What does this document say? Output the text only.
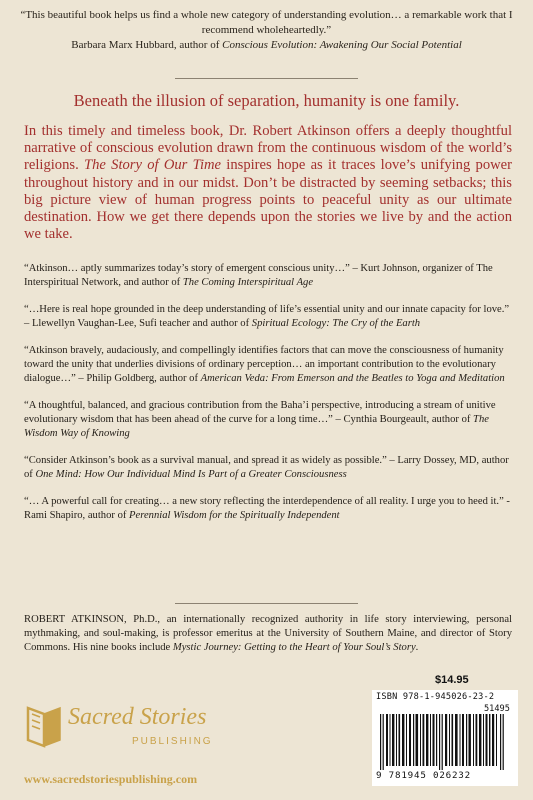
“This beautiful book helps us find a whole new category of understanding evolution… a remarkable work that I recommend wholeheartedly.”

Barbara Marx Hubbard, author of Conscious Evolution: Awakening Our Social Potential
Beneath the illusion of separation, humanity is one family.
In this timely and timeless book, Dr. Robert Atkinson offers a deeply thoughtful narrative of conscious evolution drawn from the continuous wisdom of the world’s religions. The Story of Our Time inspires hope as it traces love’s unifying power throughout history and in our midst. Don’t be distracted by seeming setbacks; this big picture view of human progress points to peaceful unity as our ultimate destination. How we get there depends upon the stories we live by and the action we take.

“Atkinson… aptly summarizes today’s story of emergent conscious unity…” – Kurt Johnson, organizer of The Interspiritual Network, and author of The Coming Interspiritual Age

“…Here is real hope grounded in the deep understanding of life’s essential unity and our innate capacity for love.” – Llewellyn Vaughan-Lee, Sufi teacher and author of Spiritual Ecology: The Cry of the Earth

“Atkinson bravely, audaciously, and compellingly identifies factors that can move the consciousness of humanity toward the unity that underlies divisions of ordinary perception… an important contribution to the evolutionary dialogue…” – Philip Goldberg, author of American Veda: From Emerson and the Beatles to Yoga and Meditation

“A thoughtful, balanced, and gracious contribution from the Baha’i perspective, introducing a stream of unitive evolutionary wisdom that has been ahead of the curve for a long time…” – Cynthia Bourgeault, author of The Wisdom Way of Knowing

“Consider Atkinson’s book as a survival manual, and spread it as widely as possible.” – Larry Dossey, MD, author of One Mind: How Our Individual Mind Is Part of a Greater Consciousness

“… A powerful call for creating… a new story reflecting the interdependence of all reality. I urge you to heed it.” - Rami Shapiro, author of Perennial Wisdom for the Spiritually Independent

ROBERT ATKINSON, Ph.D., an internationally recognized authority in life story interviewing, personal mythmaking, and soul-making, is professor emeritus at the University of Southern Maine, and director of Story Commons. His nine books include Mystic Journey: Getting to the Heart of Your Soul’s Story.
$14.95
ISBN 978-1-945026-23-2
51495
9 781945 026232
Sacred Stories
PUBLISHING
www.sacredstoriespublishing.com
